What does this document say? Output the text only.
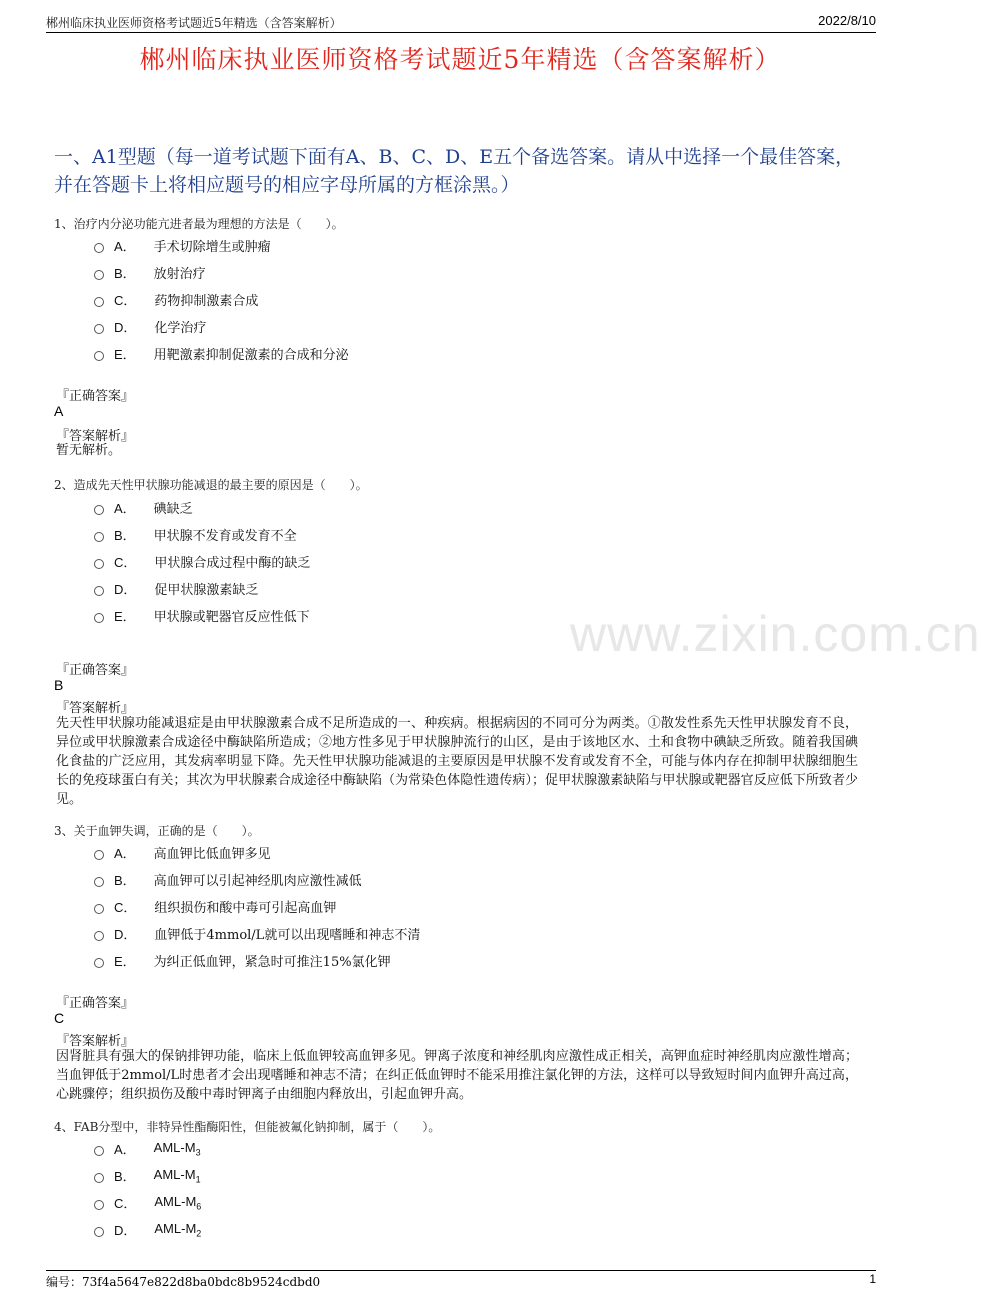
郴州临床执业医师资格考试题近5年精选（含答案解析）	2022/8/10
郴州临床执业医师资格考试题近5年精选（含答案解析）
一、A1型题（每一道考试题下面有A、B、C、D、E五个备选答案。请从中选择一个最佳答案，并在答题卡上将相应题号的相应字母所属的方框涂黑。）
www.zixin.com.cn
1、治疗内分泌功能亢进者最为理想的方法是（　　）。
A． 手术切除增生或肿瘤
B． 放射治疗
C． 药物抑制激素合成
D． 化学治疗
E． 用靶激素抑制促激素的合成和分泌
『正确答案』
A
『答案解析』
暂无解析。
2、造成先天性甲状腺功能减退的最主要的原因是（　　）。
A． 碘缺乏
B． 甲状腺不发育或发育不全
C． 甲状腺合成过程中酶的缺乏
D． 促甲状腺激素缺乏
E． 甲状腺或靶器官反应性低下
『正确答案』
B
『答案解析』
先天性甲状腺功能减退症是由甲状腺激素合成不足所造成的一、种疾病。根据病因的不同可分为两类。①散发性系先天性甲状腺发育不良，异位或甲状腺激素合成途径中酶缺陷所造成；②地方性多见于甲状腺肿流行的山区，是由于该地区水、土和食物中碘缺乏所致。随着我国碘化食盐的广泛应用，其发病率明显下降。先天性甲状腺功能减退的主要原因是甲状腺不发育或发育不全，可能与体内存在抑制甲状腺细胞生长的免疫球蛋白有关；其次为甲状腺素合成途径中酶缺陷（为常染色体隐性遗传病）；促甲状腺激素缺陷与甲状腺或靶器官反应低下所致者少见。
3、关于血钾失调，正确的是（　　）。
A． 高血钾比低血钾多见
B． 高血钾可以引起神经肌肉应激性减低
C． 组织损伤和酸中毒可引起高血钾
D． 血钾低于4mmol/L就可以出现嗜睡和神志不清
E． 为纠正低血钾，紧急时可推注15%氯化钾
『正确答案』
C
『答案解析』
因肾脏具有强大的保钠排钾功能，临床上低血钾较高血钾多见。钾离子浓度和神经肌肉应激性成正相关，高钾血症时神经肌肉应激性增高；当血钾低于2mmol/L时患者才会出现嗜睡和神志不清；在纠正低血钾时不能采用推注氯化钾的方法，这样可以导致短时间内血钾升高过高，心跳骤停；组织损伤及酸中毒时钾离子由细胞内释放出，引起血钾升高。
4、FAB分型中，非特异性酯酶阳性，但能被氟化钠抑制，属于（　　）。
A． AML-$M_3$
B． AML-$M_1$
C． AML-$M_6$
D． AML-$M_2$
编号：73f4a5647e822d8ba0bdc8b9524cdbd0	1
